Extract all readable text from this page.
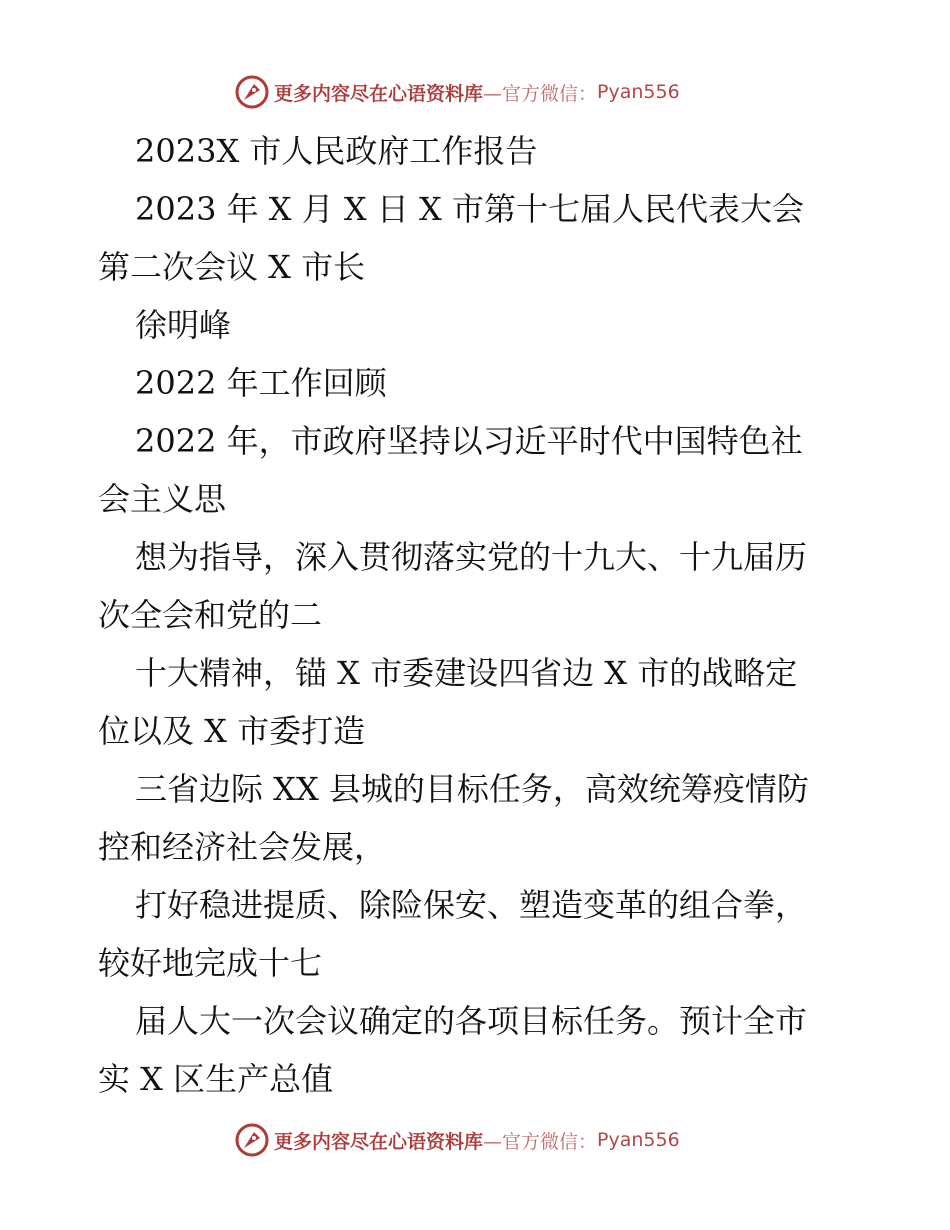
更多内容尽在心语资料库 —官方微信： Pyan556

2023X 市人民政府工作报告

2023 年 X 月 X 日 X 市第十七届人民代表大会

第二次会议 X 市长

徐明峰

2022 年工作回顾

2022 年，市政府坚持以习近平时代中国特色社

会主义思

想为指导，深入贯彻落实党的十九大、十九届历

次全会和党的二

十大精神，锚 X 市委建设四省边 X 市的战略定

位以及 X 市委打造

三省边际 XX 县城的目标任务，高效统筹疫情防

控和经济社会发展，

打好稳进提质、除险保安、塑造变革的组合拳，

较好地完成十七

届人大一次会议确定的各项目标任务。预计全市

实 X 区生产总值

更多内容尽在心语资料库 —官方微信： Pyan556
